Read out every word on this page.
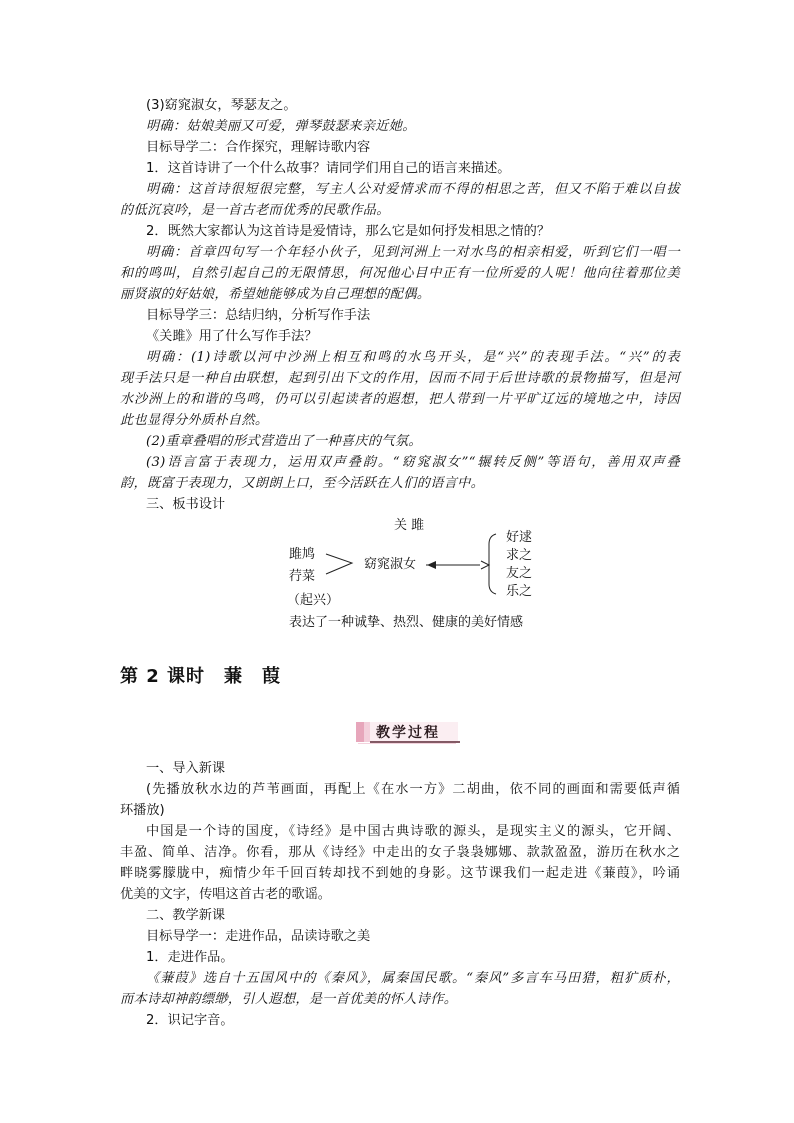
(3)窈窕淑女，琴瑟友之。
明确：姑娘美丽又可爱，弹琴鼓瑟来亲近她。
目标导学二：合作探究，理解诗歌内容
1．这首诗讲了一个什么故事？请同学们用自己的语言来描述。
明确：这首诗很短很完整，写主人公对爱情求而不得的相思之苦，但又不陷于难以自拔
的低沉哀吟，是一首古老而优秀的民歌作品。
2．既然大家都认为这首诗是爱情诗，那么它是如何抒发相思之情的？
明确：首章四句写一个年轻小伙子，见到河洲上一对水鸟的相亲相爱，听到它们一唱一
和的鸣叫，自然引起自己的无限情思，何况他心目中正有一位所爱的人呢！他向往着那位美
丽贤淑的好姑娘，希望她能够成为自己理想的配偶。
目标导学三：总结归纳，分析写作手法
《关雎》用了什么写作手法？
明确：(1)诗歌以河中沙洲上相互和鸣的水鸟开头，是“兴”的表现手法。“兴”的表
现手法只是一种自由联想，起到引出下文的作用，因而不同于后世诗歌的景物描写，但是河
水沙洲上的和谐的鸟鸣，仍可以引起读者的遐想，把人带到一片平旷辽远的境地之中，诗因
此也显得分外质朴自然。
(2)重章叠唱的形式营造出了一种喜庆的气氛。
(3)语言富于表现力，运用双声叠韵。“窈窕淑女”“辗转反侧”等语句，善用双声叠
韵，既富于表现力，又朗朗上口，至今活跃在人们的语言中。
三、板书设计
关 雎
雎鸠
荇菜
（起兴）
窈窕淑女
好逑
求之
友之
乐之
表达了一种诚挚、热烈、健康的美好情感
第 2 课时　蒹　葭
教学过程
一、导入新课
(先播放秋水边的芦苇画面，再配上《在水一方》二胡曲，依不同的画面和需要低声循
环播放)
中国是一个诗的国度，《诗经》是中国古典诗歌的源头，是现实主义的源头，它开阔、
丰盈、简单、洁净。你看，那从《诗经》中走出的女子袅袅娜娜、款款盈盈，游历在秋水之
畔晓雾朦胧中，痴情少年千回百转却找不到她的身影。这节课我们一起走进《蒹葭》，吟诵
优美的文字，传唱这首古老的歌谣。
二、教学新课
目标导学一：走进作品，品读诗歌之美
1．走进作品。
《蒹葭》选自十五国风中的《秦风》，属秦国民歌。“秦风”多言车马田猎，粗犷质朴，
而本诗却神韵缥缈，引人遐想，是一首优美的怀人诗作。
2．识记字音。
